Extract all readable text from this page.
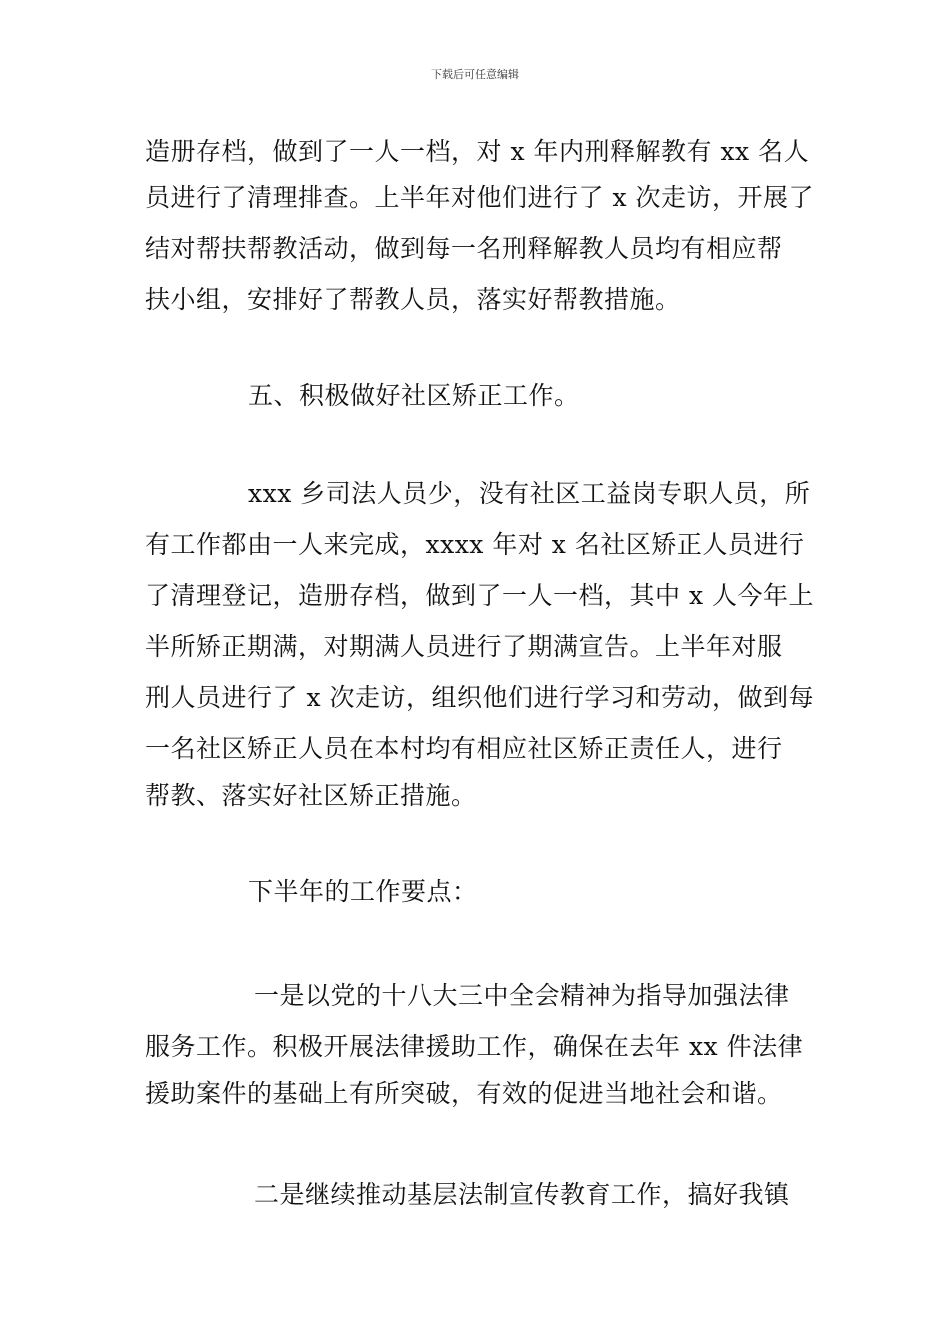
下载后可任意编辑
造册存档，做到了一人一档，对 x 年内刑释解教有 xx 名人
员进行了清理排查。上半年对他们进行了 x 次走访，开展了
结对帮扶帮教活动，做到每一名刑释解教人员均有相应帮
扶小组，安排好了帮教人员，落实好帮教措施。
五、积极做好社区矫正工作。
xxx 乡司法人员少，没有社区工益岗专职人员，所
有工作都由一人来完成，xxxx 年对 x 名社区矫正人员进行
了清理登记，造册存档，做到了一人一档，其中 x 人今年上
半所矫正期满，对期满人员进行了期满宣告。上半年对服
刑人员进行了 x 次走访，组织他们进行学习和劳动，做到每
一名社区矫正人员在本村均有相应社区矫正责任人，进行
帮教、落实好社区矫正措施。
下半年的工作要点：
一是以党的十八大三中全会精神为指导加强法律
服务工作。积极开展法律援助工作，确保在去年 xx 件法律
援助案件的基础上有所突破，有效的促进当地社会和谐。
二是继续推动基层法制宣传教育工作，搞好我镇
